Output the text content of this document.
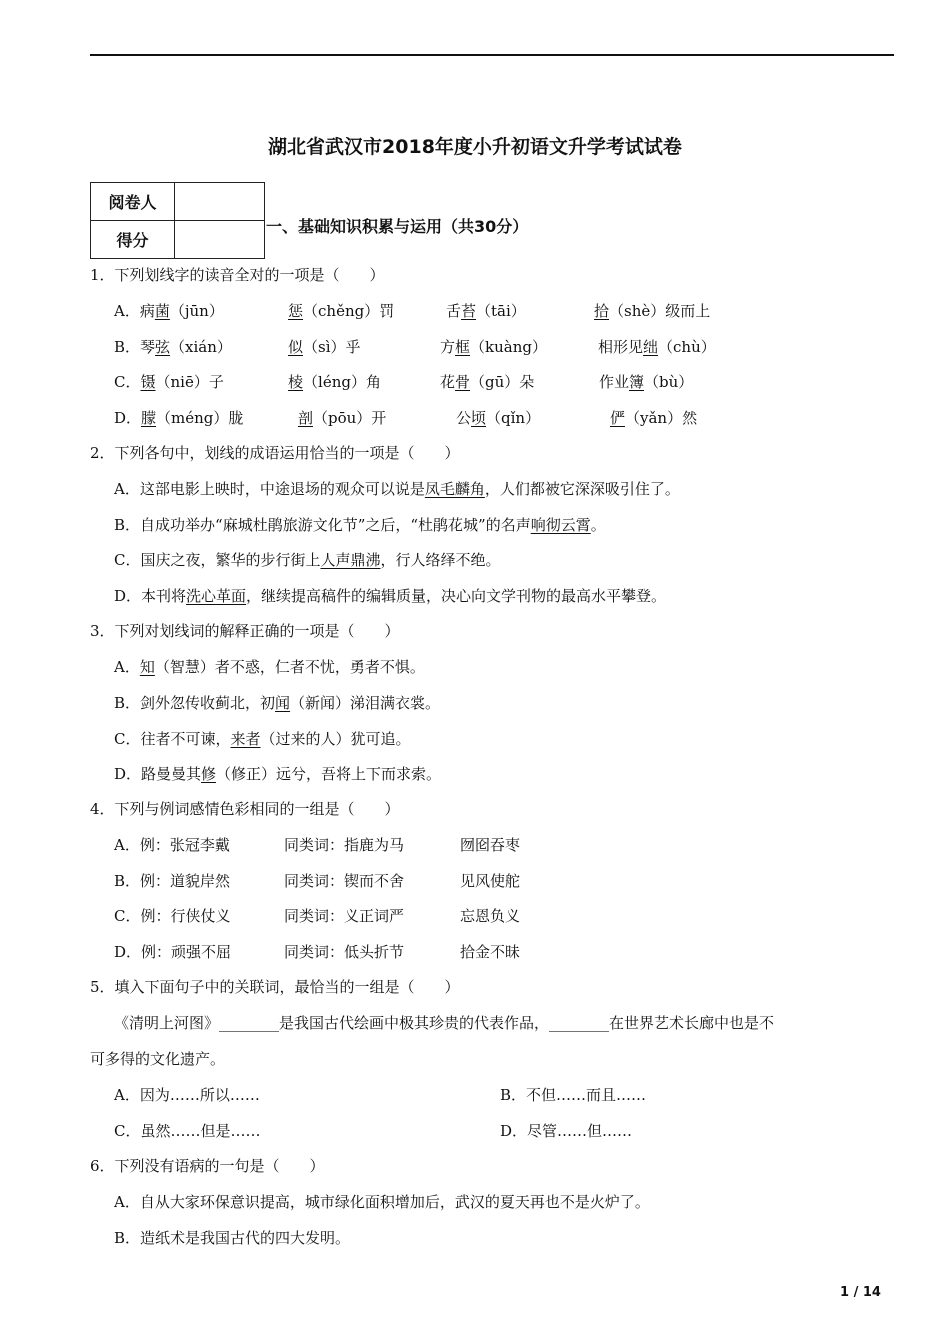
湖北省武汉市2018年度小升初语文升学考试试卷
阅卷人	
得分	
一、基础知识积累与运用（共30分）
1．下列划线字的读音全对的一项是（　　）
A．病菌（jūn）	惩（chěng）罚	舌苔（tāi）	拾（shè）级而上
B．琴弦（xián）	似（sì）乎	方框（kuàng）	相形见绌（chù）
C．镊（niē）子	棱（léng）角	花骨（gū）朵	作业簿（bù）
D．朦（méng）胧	剖（pōu）开	公顷（qǐn）	俨（yǎn）然
2．下列各句中，划线的成语运用恰当的一项是（　　）
A．这部电影上映时，中途退场的观众可以说是凤毛麟角，人们都被它深深吸引住了。
B．自成功举办“麻城杜鹃旅游文化节”之后，“杜鹃花城”的名声响彻云霄。
C．国庆之夜，繁华的步行街上人声鼎沸，行人络绎不绝。
D．本刊将洗心革面，继续提高稿件的编辑质量，决心向文学刊物的最高水平攀登。
3．下列对划线词的解释正确的一项是（　　）
A．知（智慧）者不惑，仁者不忧，勇者不惧。
B．剑外忽传收蓟北，初闻（新闻）涕泪满衣裳。
C．往者不可谏，来者（过来的人）犹可追。
D．路曼曼其修（修正）远兮，吾将上下而求索。
4．下列与例词感情色彩相同的一组是（　　）
A．例：张冠李戴	同类词：指鹿为马	囫囵吞枣
B．例：道貌岸然	同类词：锲而不舍	见风使舵
C．例：行侠仗义	同类词：义正词严	忘恩负义
D．例：顽强不屈	同类词：低头折节	拾金不昧
5．填入下面句子中的关联词，最恰当的一组是（　　）
《清明上河图》________是我国古代绘画中极其珍贵的代表作品，________在世界艺术长廊中也是不
可多得的文化遗产。
A．因为……所以……	B．不但……而且……
C．虽然……但是……	D．尽管……但……
6．下列没有语病的一句是（　　）
A．自从大家环保意识提高，城市绿化面积增加后，武汉的夏天再也不是火炉了。
B．造纸术是我国古代的四大发明。
1 / 14
